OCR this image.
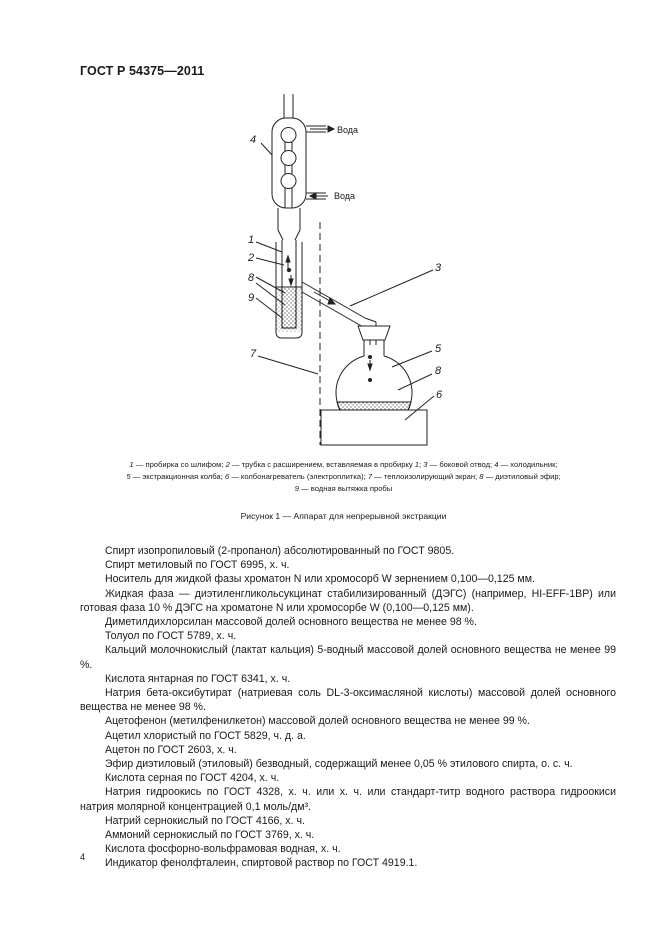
ГОСТ Р 54375—2011
4
1
2
8
9
3
7	5
8
6
Вода
Вода
1 — пробирка со шлифом; 2 — трубка с расширением, вставляемая в пробирку 1; 3 — боковой отвод; 4 — холодильник;
5 — экстракционная колба; 6 — колбонагреватель (электроплитка); 7 — теплоизолирующий экран; 8 — диэтиловый эфир;
9 — водная вытяжка пробы
Рисунок 1 — Аппарат для непрерывной экстракции

Спирт изопропиловый (2-пропанол) абсолютированный по ГОСТ 9805.

Спирт метиловый по ГОСТ 6995, х. ч.

Носитель для жидкой фазы хроматон N или хромосорб W зернением 0,100—0,125 мм.

Жидкая фаза — диэтиленгликольсукцинат стабилизированный (ДЭГС) (например, HI-EFF-1BP) или готовая фаза 10 % ДЭГС на хроматоне N или хромосорбе W (0,100—0,125 мм).

Диметилдихлорсилан массовой долей основного вещества не менее 98 %.

Толуол по ГОСТ 5789, х. ч.

Кальций молочнокислый (лактат кальция) 5-водный массовой долей основного вещества не менее 99 %.

Кислота янтарная по ГОСТ 6341, х. ч.

Натрия бета-оксибутират (натриевая соль DL-3-оксимасляной кислоты) массовой долей основного вещества не менее 98 %.

Ацетофенон (метилфенилкетон) массовой долей основного вещества не менее 99 %.

Ацетил хлористый по ГОСТ 5829, ч. д. а.

Ацетон по ГОСТ 2603, х. ч.

Эфир диэтиловый (этиловый) безводный, содержащий менее 0,05 % этилового спирта, о. с. ч.

Кислота серная по ГОСТ 4204, х. ч.

Натрия гидроокись по ГОСТ 4328, х. ч. или х. ч. или стандарт-титр водного раствора гидроокиси натрия молярной концентрацией 0,1 моль/дм³.

Натрий сернокислый по ГОСТ 4166, х. ч.

Аммоний сернокислый по ГОСТ 3769, х. ч.

Кислота фосфорно-вольфрамовая водная, х. ч.

Индикатор фенолфталеин, спиртовой раствор по ГОСТ 4919.1.

4
